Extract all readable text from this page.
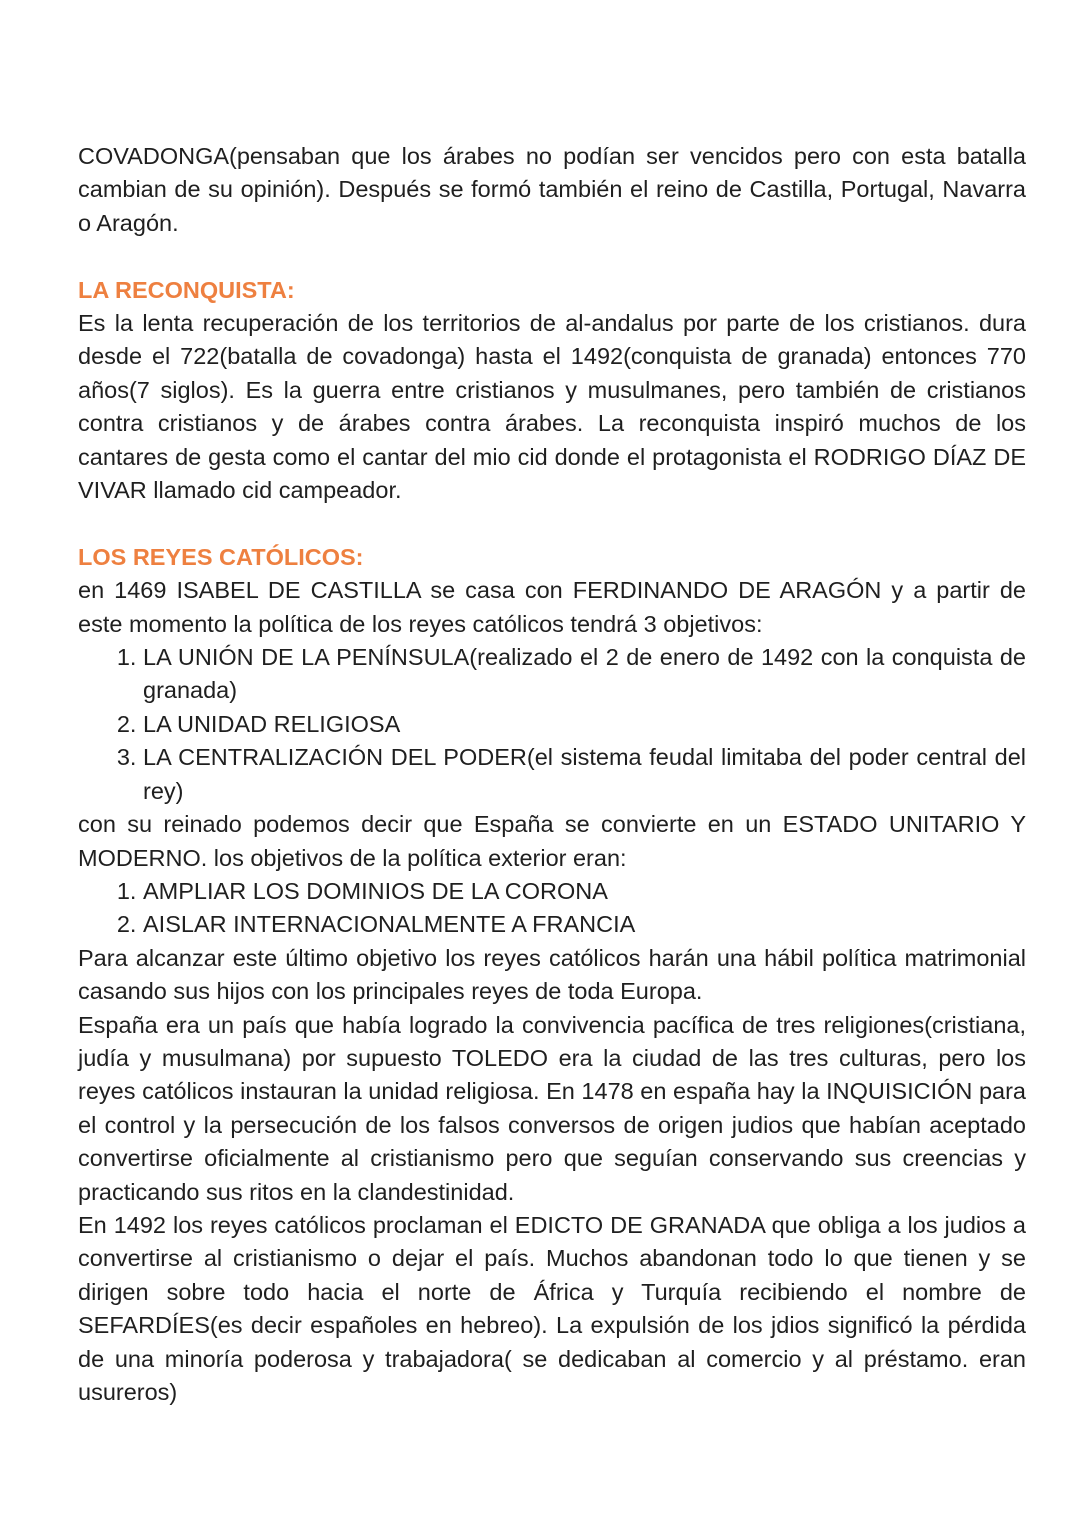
COVADONGA(pensaban que los árabes no podían ser vencidos pero con esta batalla cambian de su opinión). Después se formó también el reino de Castilla, Portugal, Navarra o Aragón.

LA RECONQUISTA:

Es la lenta recuperación de los territorios de al-andalus por parte de los cristianos. dura desde el 722(batalla de covadonga) hasta el 1492(conquista de granada) entonces 770 años(7 siglos). Es la guerra entre cristianos y musulmanes, pero también de cristianos contra cristianos y de árabes contra árabes. La reconquista inspiró muchos de los cantares de gesta como el cantar del mio cid donde el protagonista el RODRIGO DÍAZ DE VIVAR llamado cid campeador.

LOS REYES CATÓLICOS:

en 1469 ISABEL DE CASTILLA se casa con FERDINANDO DE ARAGÓN y a partir de este momento la política de los reyes católicos tendrá 3 objetivos:

1. LA UNIÓN DE LA PENÍNSULA(realizado el 2 de enero de 1492 con la conquista de granada)
2. LA UNIDAD RELIGIOSA
3. LA CENTRALIZACIÓN DEL PODER(el sistema feudal limitaba del poder central del rey)

con su reinado podemos decir que España se convierte en un ESTADO UNITARIO Y MODERNO. los objetivos de la política exterior eran:

1. AMPLIAR LOS DOMINIOS DE LA CORONA
2. AISLAR INTERNACIONALMENTE A FRANCIA

Para alcanzar este último objetivo los reyes católicos harán una hábil política matrimonial casando sus hijos con los principales reyes de toda Europa.

España era un país que había logrado la convivencia pacífica de tres religiones(cristiana, judía y musulmana) por supuesto TOLEDO era la ciudad de las tres culturas, pero los reyes católicos instauran la unidad religiosa. En 1478 en españa hay la INQUISICIÓN para el control y la persecución de los falsos conversos de origen judios que habían aceptado convertirse oficialmente al cristianismo pero que seguían conservando sus creencias y practicando sus ritos en la clandestinidad.

En 1492 los reyes católicos proclaman el EDICTO DE GRANADA que obliga a los judios a convertirse al cristianismo o dejar el país. Muchos abandonan todo lo que tienen y se dirigen sobre todo hacia el norte de África y Turquía recibiendo el nombre de SEFARDÍES(es decir españoles en hebreo). La expulsión de los jdios significó la pérdida de una minoría poderosa y trabajadora( se dedicaban al comercio y al préstamo. eran usureros)
